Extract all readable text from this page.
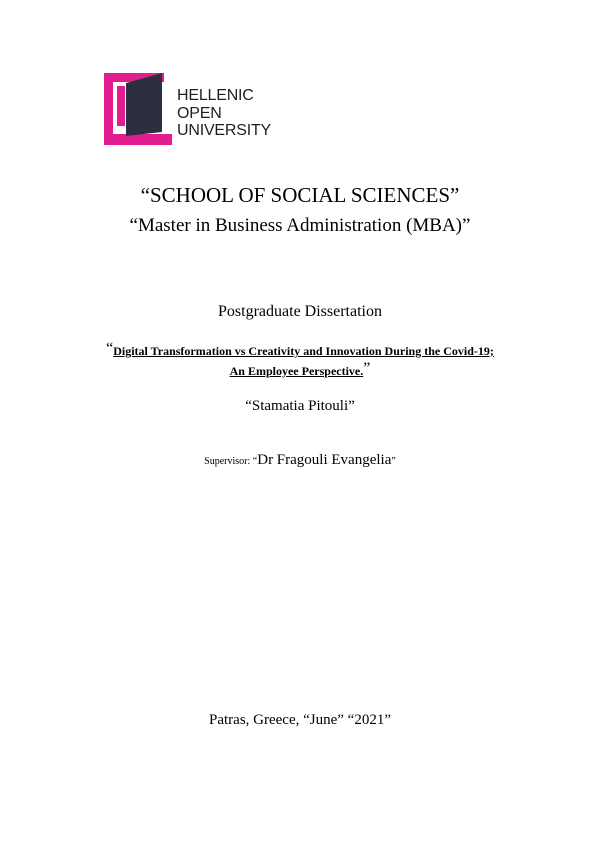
HELLENIC
OPEN
UNIVERSITY
“SCHOOL OF SOCIAL SCIENCES”
“Master in Business Administration (MBA)”
Postgraduate Dissertation
“Digital Transformation vs Creativity and Innovation During the Covid-19;
An Employee Perspective.”
“Stamatia Pitouli”
Supervisor: “Dr Fragouli Evangelia”
Patras, Greece, “June” “2021”
